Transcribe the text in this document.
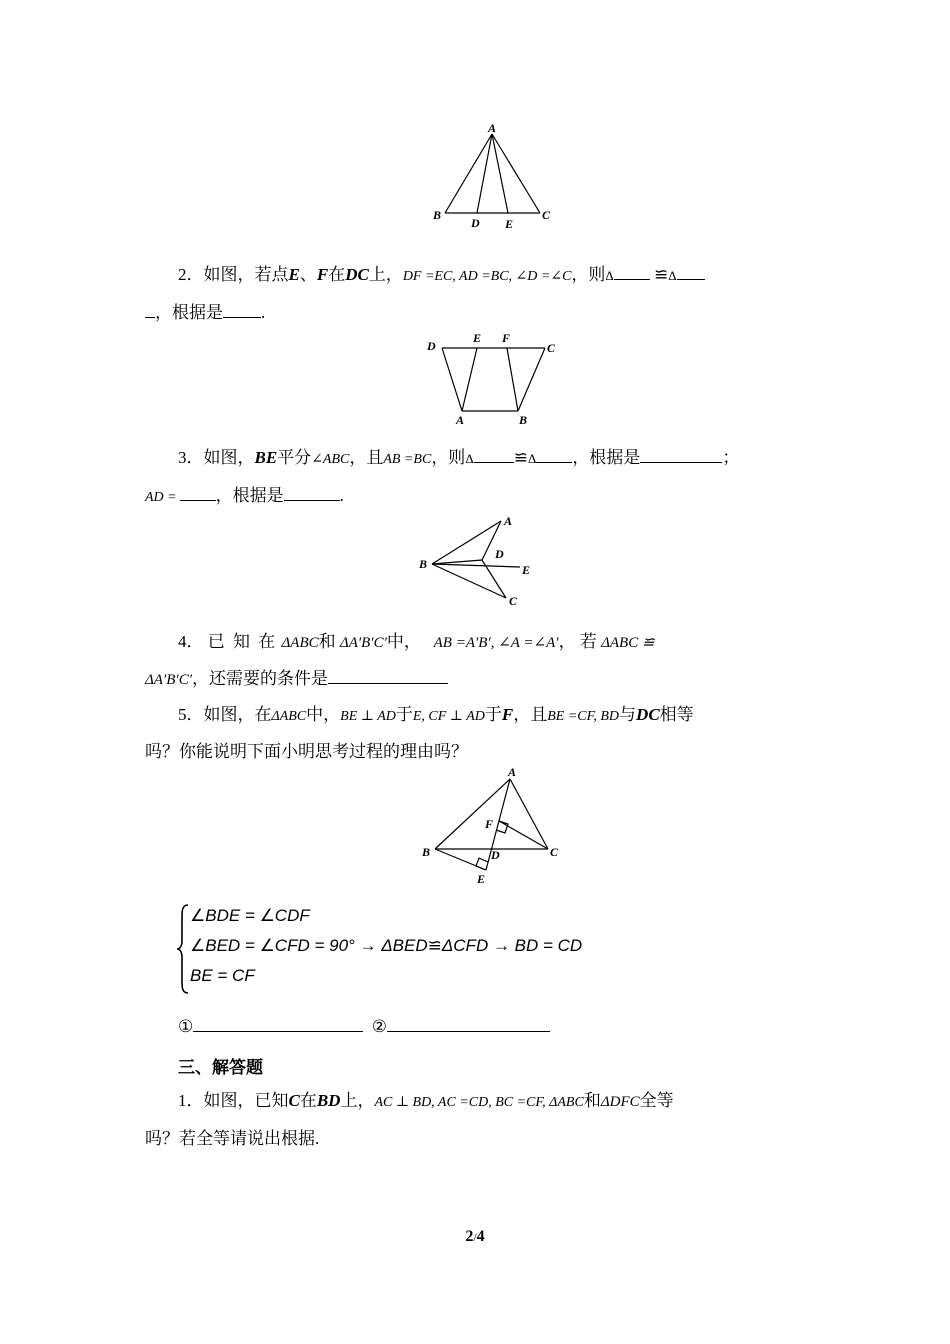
A
B
D E
C
2．如图，若点E、F在DC上，DF =EC, AD =BC, ∠D =∠C，则Δ ≌Δ
，根据是 .
D
E F
C
A	B
3．如图，BE平分∠ABC，且AB =BC，则Δ ≌Δ ，根据是	；
AD = ，根据是	.
A
D
B	E
C
4． 已 知 在 ΔABC和 ΔA′B′C′中， AB =A′B′, ∠A =∠A′， 若 ΔABC ≌
ΔA′B′C′，还需要的条件是
5．如图，在ΔABC中，BE ⊥ AD于E, CF ⊥ AD于F，且BE =CF, BD与DC相等
吗？你能说明下面小明思考过程的理由吗？
A
F
B	D	C
E
∠BDE = ∠CDF
∠BED = ∠CFD = 90° → ΔBED≌ΔCFD → BD = CD
BE = CF
①	②
三、解答题
1．如图，已知C在BD上，AC ⊥ BD, AC =CD, BC =CF, ΔABC和ΔDFC全等
吗？若全等请说出根据.
2/4
